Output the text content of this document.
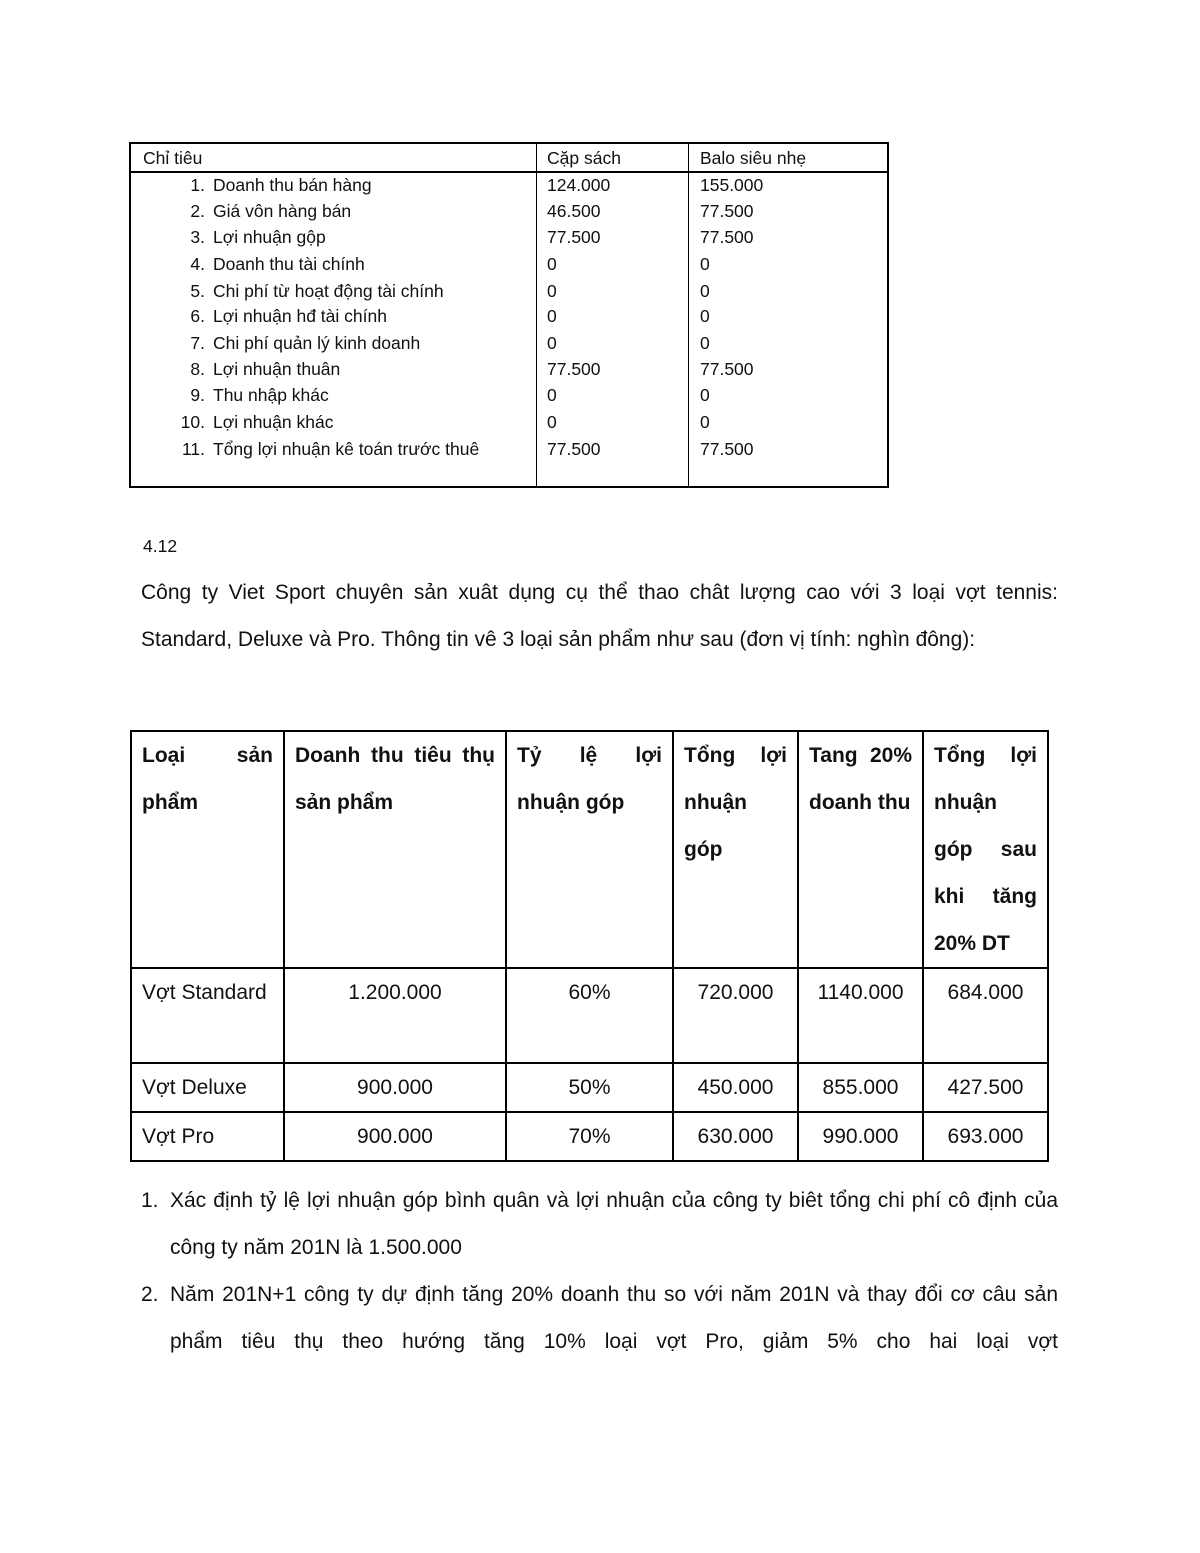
Chỉ tiêu	Cặp sách	Balo siêu nhẹ
1. Doanh thu bán hàng	124.000	155.000
2. Giá vôn hàng bán	46.500	77.500
3. Lợi nhuận gộp	77.500	77.500
4. Doanh thu tài chính	0	0
5. Chi phí từ hoạt động tài chính	0	0
6. Lợi nhuận hđ tài chính	0	0
7. Chi phí quản lý kinh doanh	0	0
8. Lợi nhuận thuân	77.500	77.500
9. Thu nhập khác	0	0
10. Lợi nhuận khác	0	0
11. Tổng lợi nhuận kê toán trước thuê	77.500	77.500
4.12
Công ty Viet Sport chuyên sản xuât dụng cụ thể thao chât lượng cao với 3 loại vợt tennis: Standard, Deluxe và Pro. Thông tin vê 3 loại sản phẩm như sau (đơn vị tính: nghìn đông):
Loại sản phẩm	Doanh thu tiêu thụ sản phẩm	Tỷ lệ lợi nhuận góp	Tổng lợi nhuận góp	Tang 20% doanh thu	Tổng lợi nhuận góp sau khi tăng 20% DT
Vợt Standard	1.200.000	60%	720.000	1140.000	684.000
Vợt Deluxe	900.000	50%	450.000	855.000	427.500
Vợt Pro	900.000	70%	630.000	990.000	693.000
1. Xác định tỷ lệ lợi nhuận góp bình quân và lợi nhuận của công ty biêt tổng chi phí cô định của công ty năm 201N là 1.500.000
2. Năm 201N+1 công ty dự định tăng 20% doanh thu so với năm 201N và thay đổi cơ câu sản phẩm tiêu thụ theo hướng tăng 10% loại vợt Pro, giảm 5% cho hai loại vợt
